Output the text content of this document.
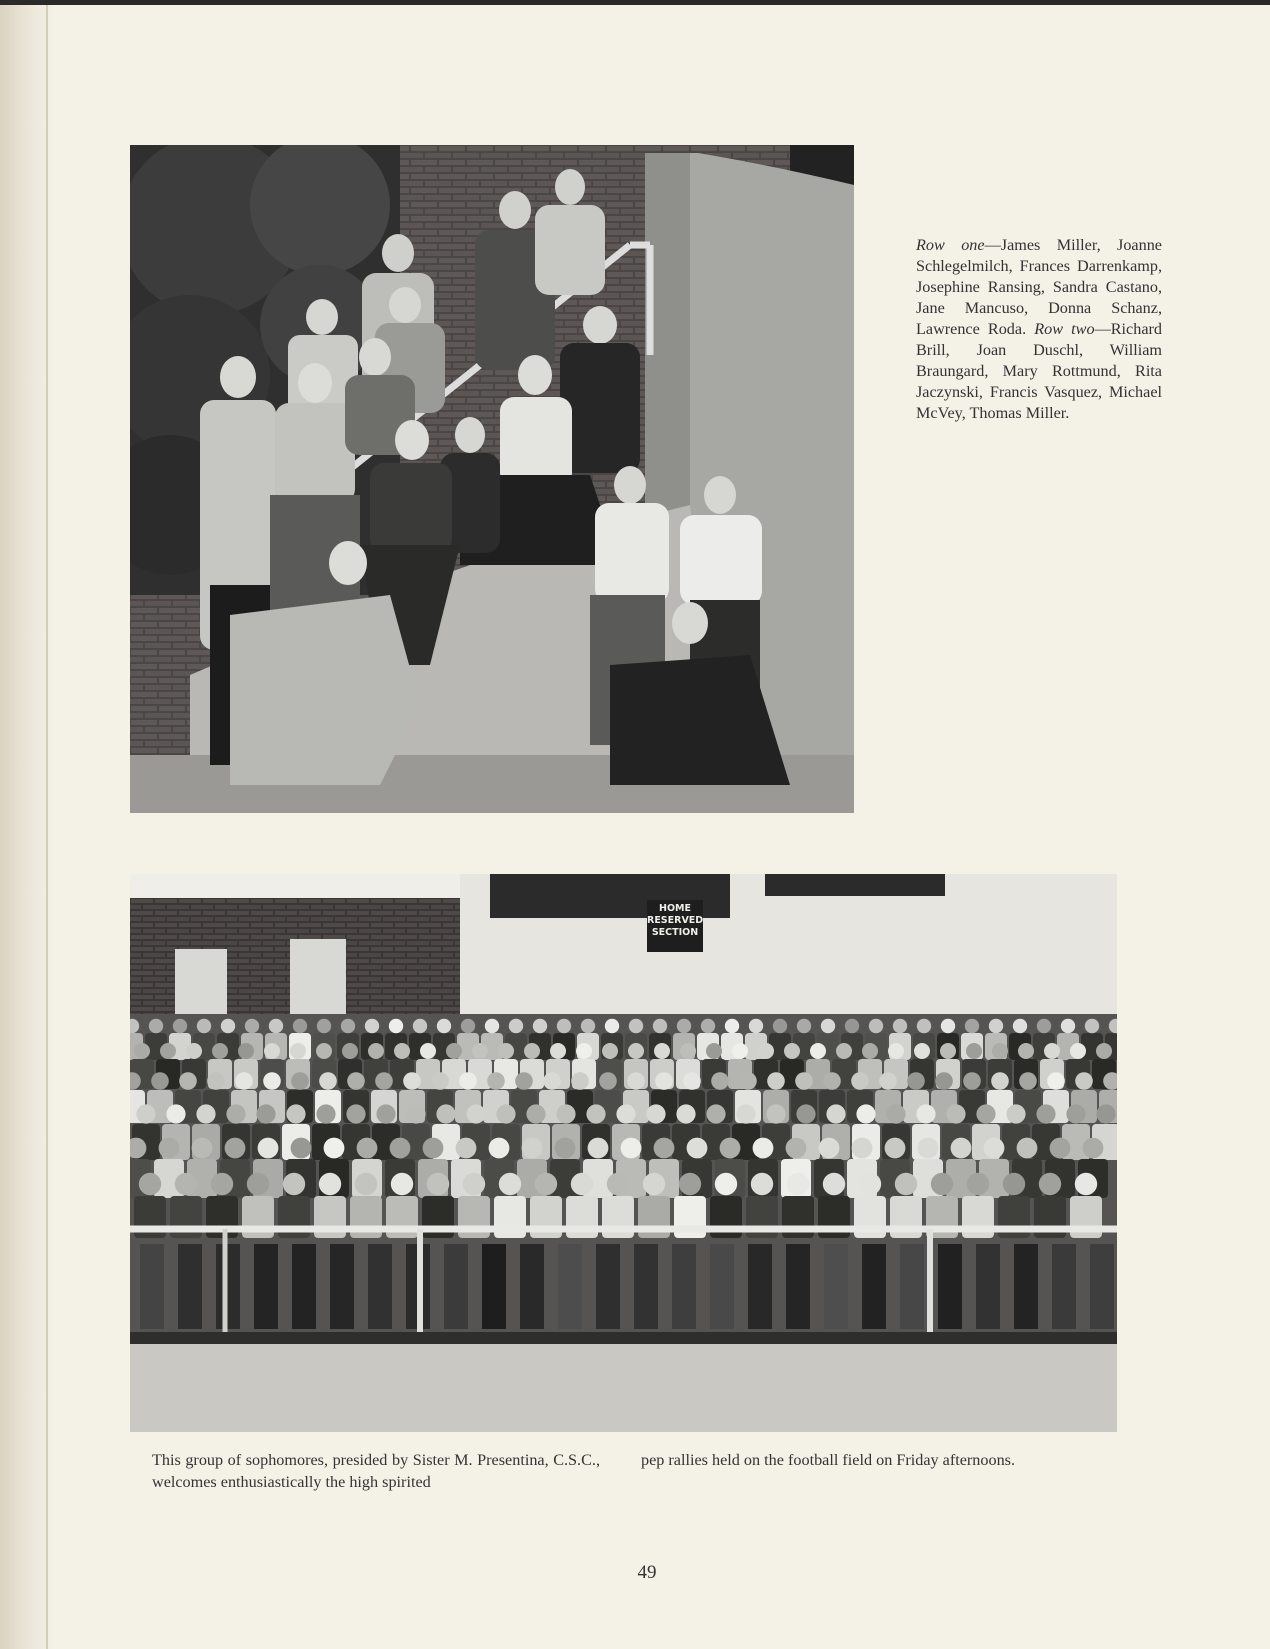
Row one—James Miller, Joanne Schlegelmilch, Frances Darrenkamp, Josephine Ransing, Sandra Castano, Jane Mancuso, Donna Schanz, Lawrence Roda. Row two—Richard Brill, Joan Duschl, William Braungard, Mary Rottmund, Rita Jaczynski, Francis Vasquez, Michael McVey, Thomas Miller.

HOME
RESERVED
SECTION
This group of sophomores, presided by Sister M. Presentina, C.S.C., welcomes enthusiastically the high spirited
pep rallies held on the football field on Friday afternoons.
49
